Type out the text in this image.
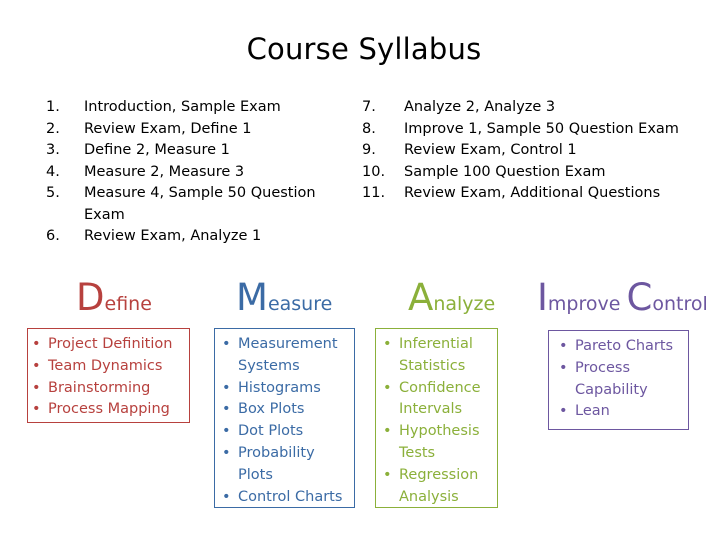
Course Syllabus
1.	Introduction, Sample Exam
2.	Review Exam, Define 1
3.	Define 2, Measure 1
4.	Measure 2, Measure 3
5.	Measure 4, Sample 50 Question Exam
6.	Review Exam, Analyze 1
7.	Analyze 2, Analyze 3
8.	Improve 1, Sample 50 Question Exam
9.	Review Exam, Control 1
10.	Sample 100 Question Exam
11.	Review Exam, Additional Questions
Define Measure Analyze Improve Control
• Project Definition
• Team Dynamics
• Brainstorming
• Process Mapping
• Measurement Systems
• Histograms
• Box Plots
• Dot Plots
• Probability Plots
• Control Charts
• Inferential Statistics
• Confidence Intervals
• Hypothesis Tests
• Regression Analysis
• Pareto Charts
• Process Capability
• Lean
